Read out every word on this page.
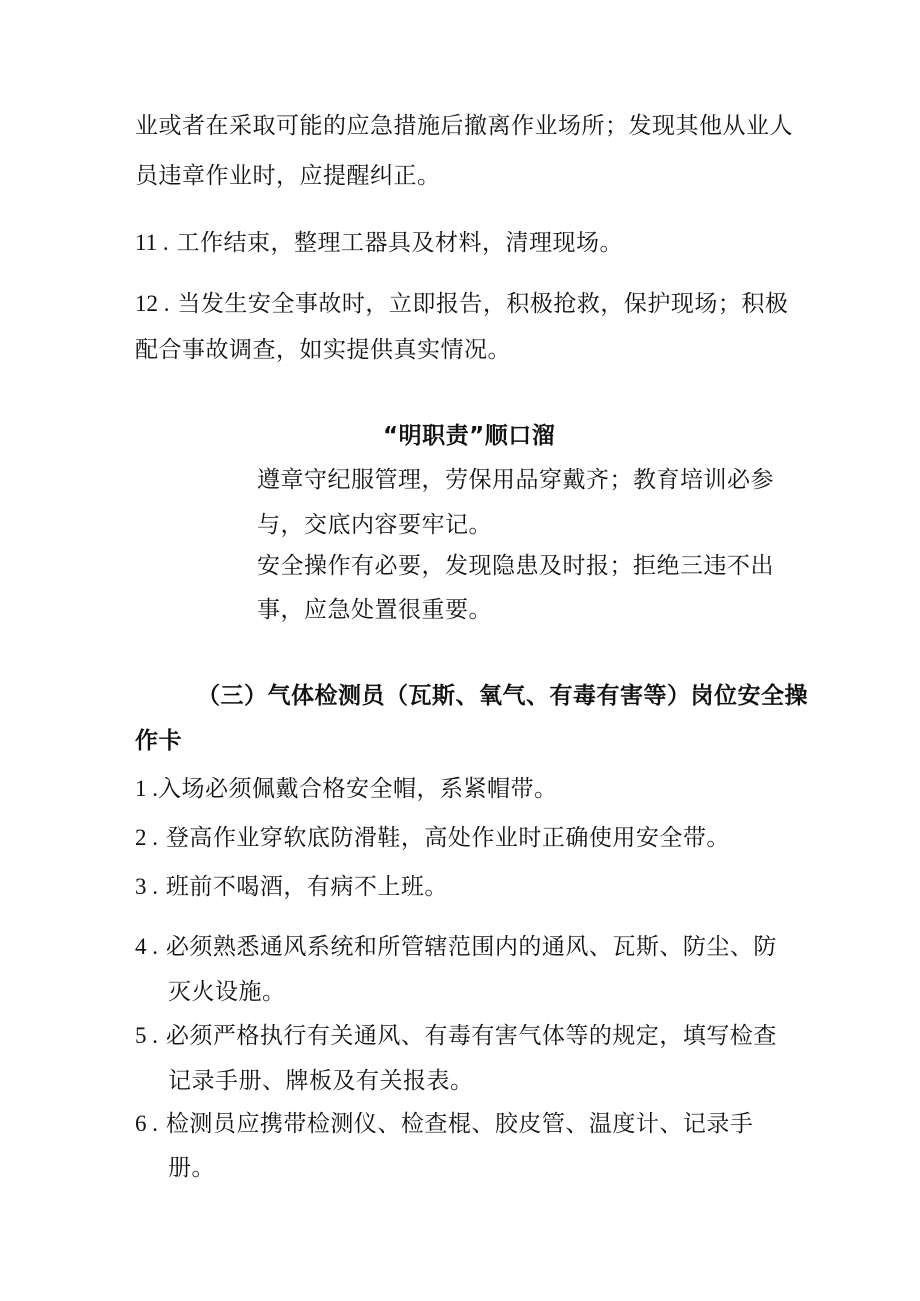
业或者在采取可能的应急措施后撤离作业场所；发现其他从业人
员违章作业时，应提醒纠正。
11 . 工作结束，整理工器具及材料，清理现场。
12 . 当发生安全事故时，立即报告，积极抢救，保护现场；积极
配合事故调查，如实提供真实情况。
“明职责”顺口溜
遵章守纪服管理，劳保用品穿戴齐；教育培训必参
与，交底内容要牢记。
安全操作有必要，发现隐患及时报；拒绝三违不出
事，应急处置很重要。
（三）气体检测员（瓦斯、氧气、有毒有害等）岗位安全操
作卡
1 .入场必须佩戴合格安全帽，系紧帽带。
2 . 登高作业穿软底防滑鞋，高处作业时正确使用安全带。
3 . 班前不喝酒，有病不上班。
4 . 必须熟悉通风系统和所管辖范围内的通风、瓦斯、防尘、防
灭火设施。
5 . 必须严格执行有关通风、有毒有害气体等的规定，填写检查
记录手册、牌板及有关报表。
6 . 检测员应携带检测仪、检查棍、胶皮管、温度计、记录手
册。
